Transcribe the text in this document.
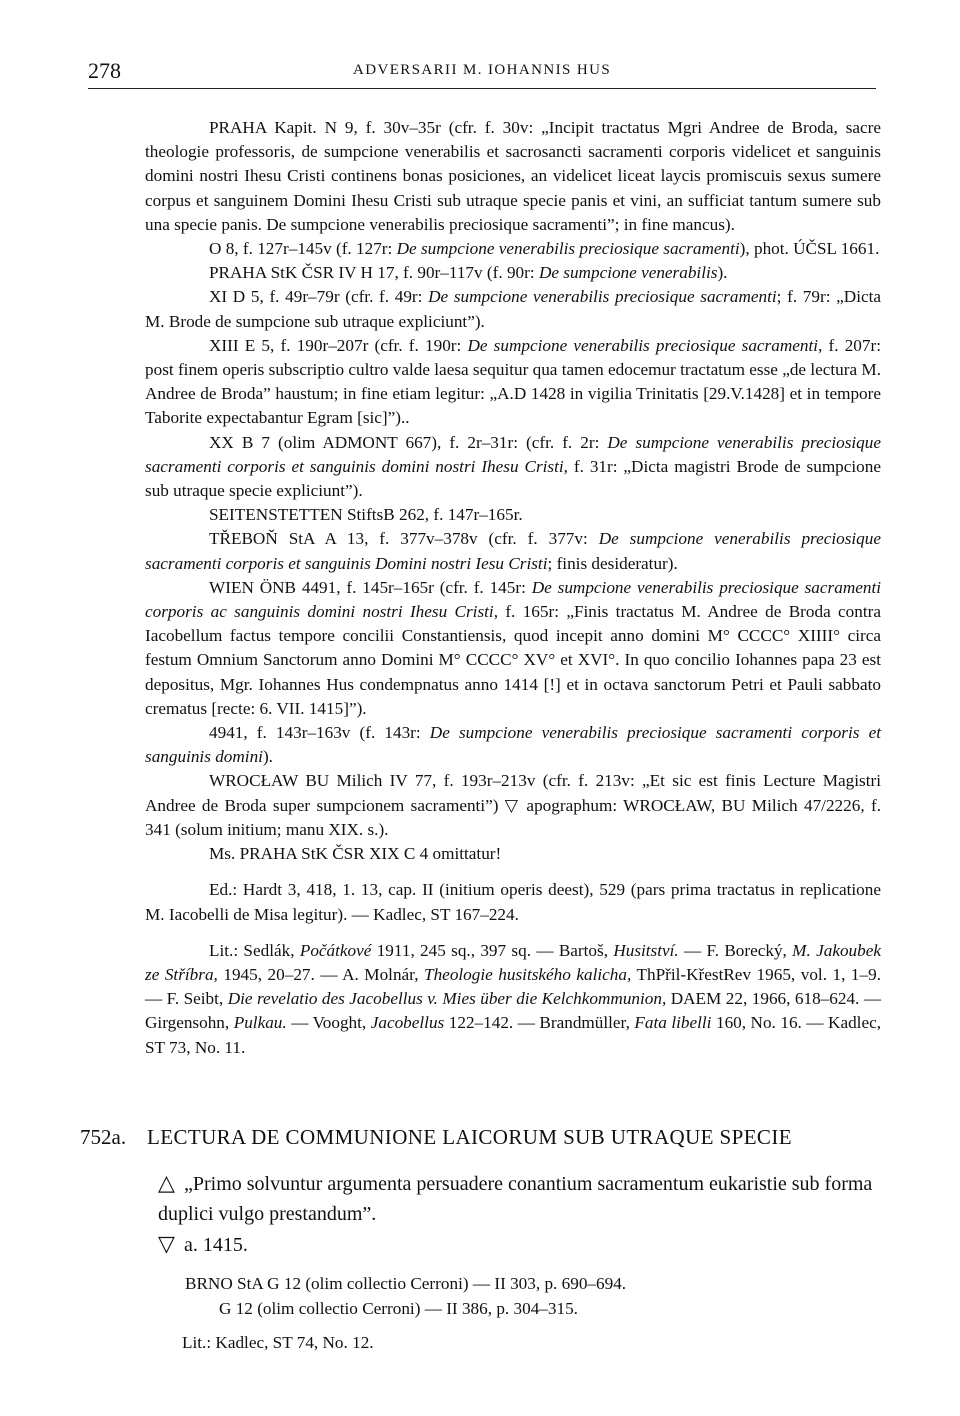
278	ADVERSARII M. IOHANNIS HUS

PRAHA Kapit. N 9, f. 30v–35r (cfr. f. 30v: „Incipit tractatus Mgri Andree de Broda, sacre theologie professoris, de sumpcione venerabilis et sacrosancti sacramenti corporis videlicet et sanguinis domini nostri Ihesu Cristi continens bonas posiciones, an videlicet liceat laycis promiscuis sexus sumere corpus et sanguinem Domini Ihesu Cristi sub utraque specie panis et vini, an sufficiat tantum sumere sub una specie panis. De sumpcione venerabilis preciosique sacramenti”; in fine mancus).

O 8, f. 127r–145v (f. 127r: De sumpcione venerabilis preciosique sacramenti), phot. ÚČSL 1661.

PRAHA StK ČSR IV H 17, f. 90r–117v (f. 90r: De sumpcione venerabilis).

XI D 5, f. 49r–79r (cfr. f. 49r: De sumpcione venerabilis preciosique sacramenti; f. 79r: „Dicta M. Brode de sumpcione sub utraque expliciunt”).

XIII E 5, f. 190r–207r (cfr. f. 190r: De sumpcione venerabilis preciosique sacramenti, f. 207r: post finem operis subscriptio cultro valde laesa sequitur qua tamen edocemur tractatum esse „de lectura M. Andree de Broda” haustum; in fine etiam legitur: „A.D 1428 in vigilia Trinitatis [29.V.1428] et in tempore Taborite expectabantur Egram [sic]”)..

XX B 7 (olim ADMONT 667), f. 2r–31r: (cfr. f. 2r: De sumpcione venerabilis preciosique sacramenti corporis et sanguinis domini nostri Ihesu Cristi, f. 31r: „Dicta magistri Brode de sumpcione sub utraque specie expliciunt”).

SEITENSTETTEN StiftsB 262, f. 147r–165r.

TŘEBOŇ StA A 13, f. 377v–378v (cfr. f. 377v: De sumpcione venerabilis preciosique sacramenti corporis et sanguinis Domini nostri Iesu Cristi; finis desideratur).

WIEN ÖNB 4491, f. 145r–165r (cfr. f. 145r: De sumpcione venerabilis preciosique sacramenti corporis ac sanguinis domini nostri Ihesu Cristi, f. 165r: „Finis tractatus M. Andree de Broda contra Iacobellum factus tempore concilii Constantiensis, quod incepit anno domini M° CCCC° XIIII° circa festum Omnium Sanctorum anno Domini M° CCCC° XV° et XVI°. In quo concilio Iohannes papa 23 est depositus, Mgr. Iohannes Hus condempnatus anno 1414 [!] et in octava sanctorum Petri et Pauli sabbato crematus [recte: 6. VII. 1415]”).

4941, f. 143r–163v (f. 143r: De sumpcione venerabilis preciosique sacramenti corporis et sanguinis domini).

WROCŁAW BU Milich IV 77, f. 193r–213v (cfr. f. 213v: „Et sic est finis Lecture Magistri Andree de Broda super sumpcionem sacramenti”) ▽ apographum: WROCŁAW, BU Milich 47/2226, f. 341 (solum initium; manu XIX. s.).

Ms. PRAHA StK ČSR XIX C 4 omittatur!

Ed.: Hardt 3, 418, 1. 13, cap. II (initium operis deest), 529 (pars prima tractatus in replicatione M. Iacobelli de Misa legitur). — Kadlec, ST 167–224.

Lit.: Sedlák, Počátkové 1911, 245 sq., 397 sq. — Bartoš, Husitství. — F. Borecký, M. Jakoubek ze Stříbra, 1945, 20–27. — A. Molnár, Theologie husitského kalicha, ThPřil-KřestRev 1965, vol. 1, 1–9. — F. Seibt, Die revelatio des Jacobellus v. Mies über die Kelchkommunion, DAEM 22, 1966, 618–624. — Girgensohn, Pulkau. — Vooght, Jacobellus 122–142. — Brandmüller, Fata libelli 160, No. 16. — Kadlec, ST 73, No. 11.

752a. LECTURA DE COMMUNIONE LAICORUM SUB UTRAQUE SPECIE

△ „Primo solvuntur argumenta persuadere conantium sacramentum eukaristie sub forma duplici vulgo prestandum”.

▽ a. 1415.

BRNO StA G 12 (olim collectio Cerroni) — II 303, p. 690–694.

G 12 (olim collectio Cerroni) — II 386, p. 304–315.

Lit.: Kadlec, ST 74, No. 12.
